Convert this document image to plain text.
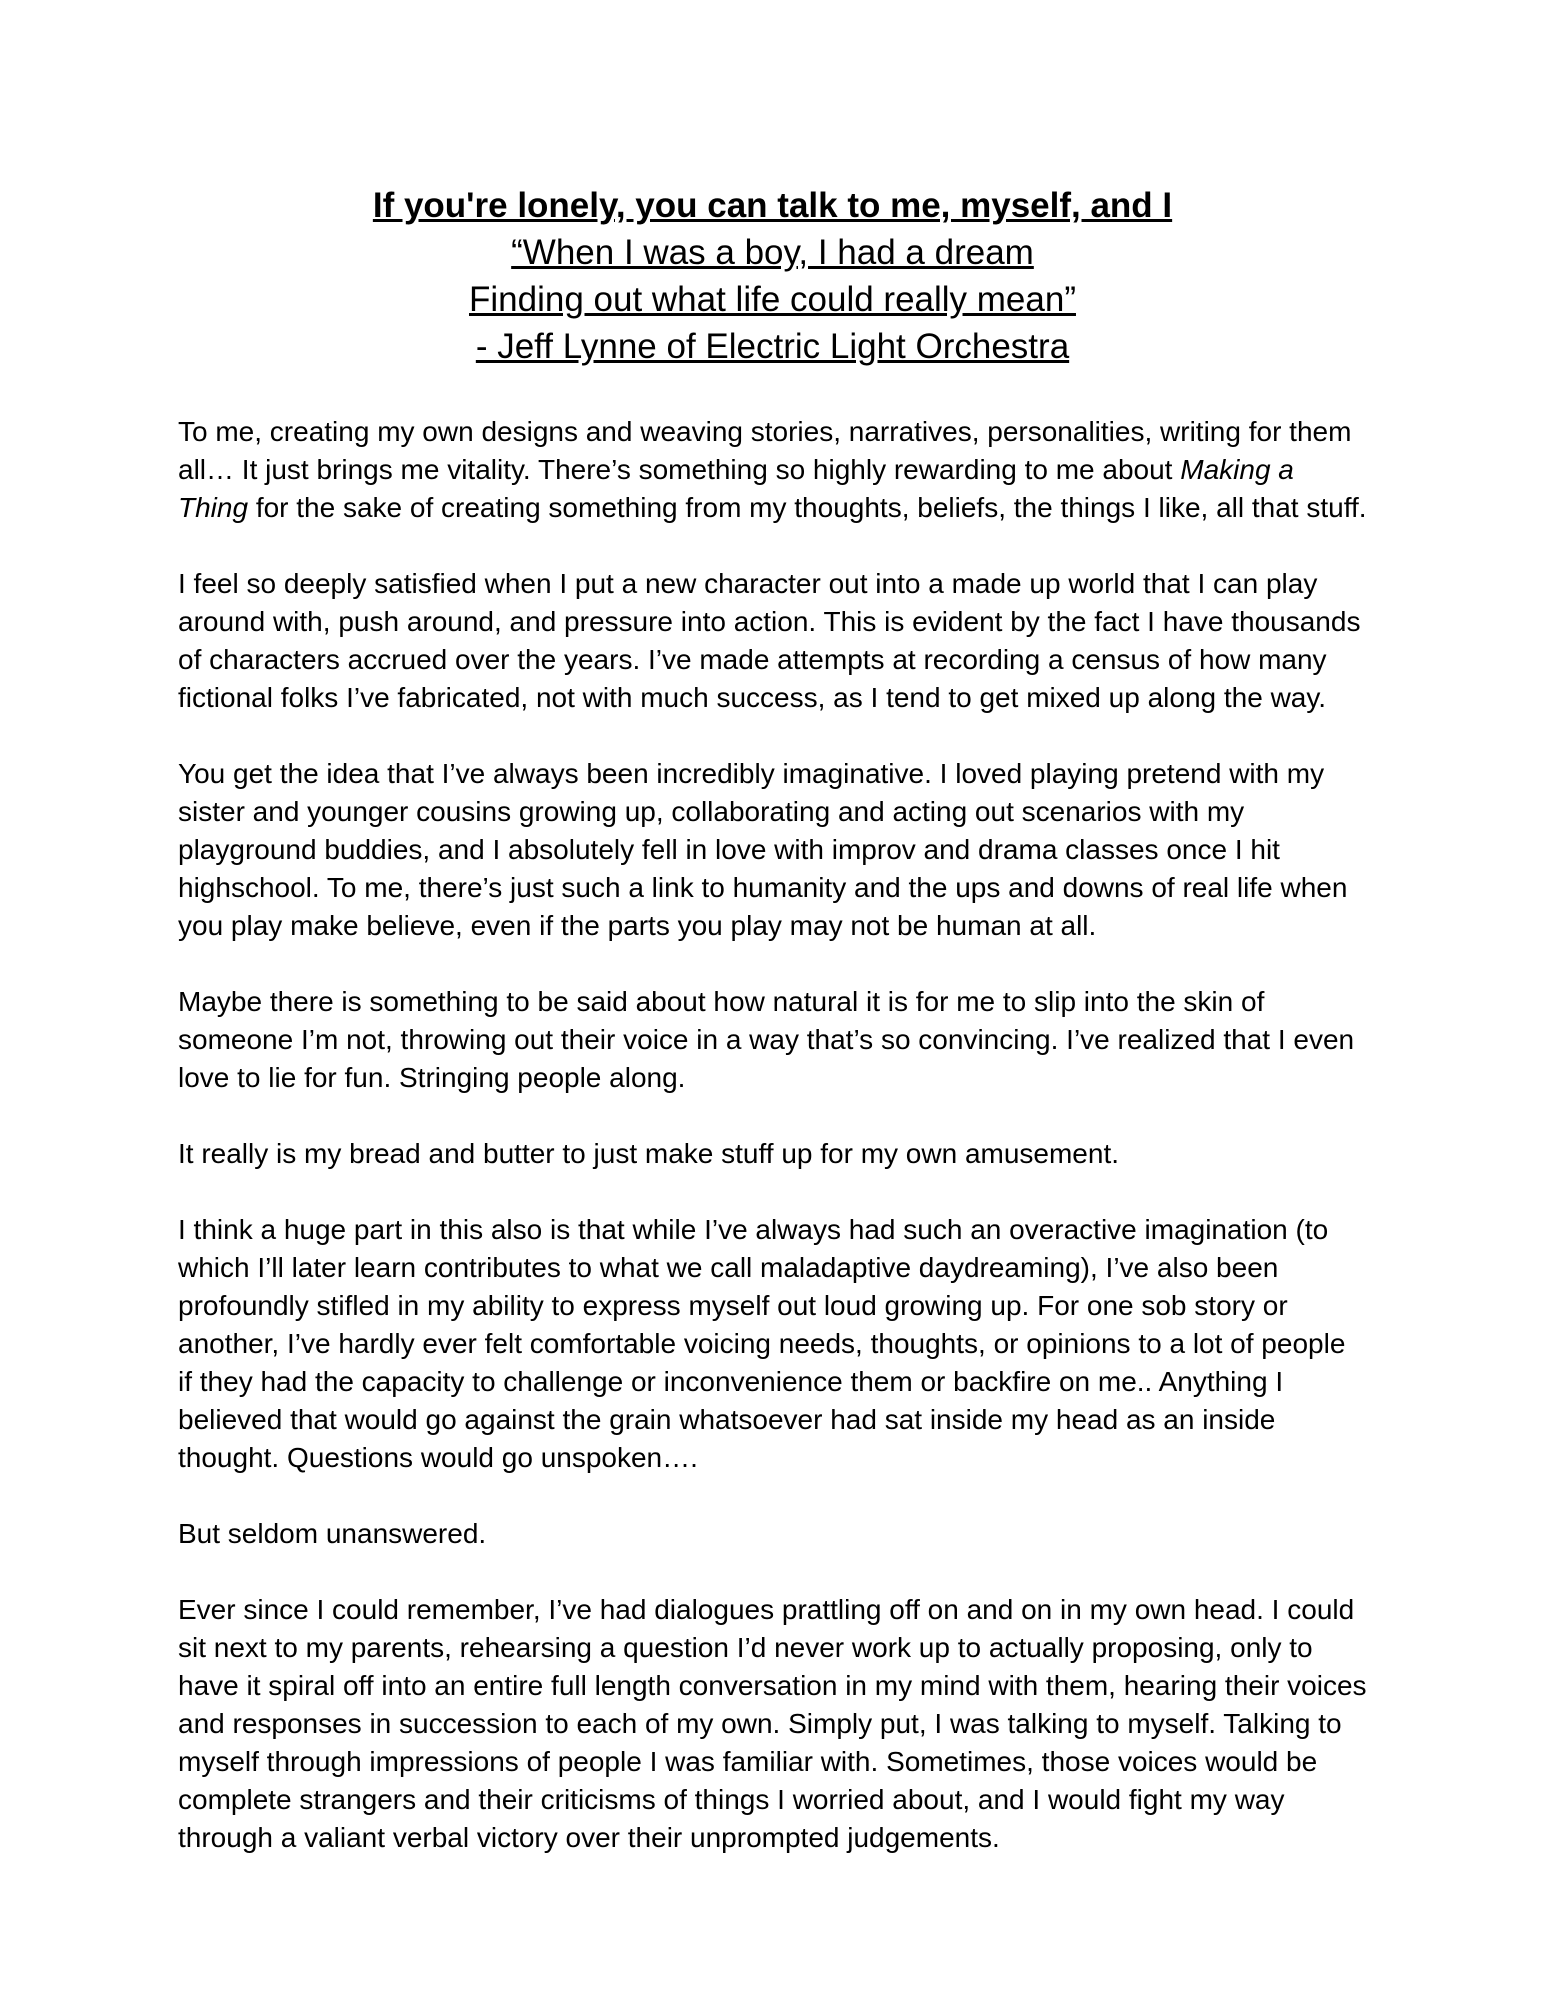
If you're lonely, you can talk to me, myself, and I
“When I was a boy, I had a dream
Finding out what life could really mean”
- Jeff Lynne of Electric Light Orchestra

To me, creating my own designs and weaving stories, narratives, personalities, writing for them all… It just brings me vitality. There’s something so highly rewarding to me about Making a Thing for the sake of creating something from my thoughts, beliefs, the things I like, all that stuff.

I feel so deeply satisfied when I put a new character out into a made up world that I can play around with, push around, and pressure into action. This is evident by the fact I have thousands of characters accrued over the years. I’ve made attempts at recording a census of how many fictional folks I’ve fabricated, not with much success, as I tend to get mixed up along the way.

You get the idea that I’ve always been incredibly imaginative. I loved playing pretend with my sister and younger cousins growing up, collaborating and acting out scenarios with my playground buddies, and I absolutely fell in love with improv and drama classes once I hit highschool. To me, there’s just such a link to humanity and the ups and downs of real life when you play make believe, even if the parts you play may not be human at all.

Maybe there is something to be said about how natural it is for me to slip into the skin of someone I’m not, throwing out their voice in a way that’s so convincing. I’ve realized that I even love to lie for fun. Stringing people along.

It really is my bread and butter to just make stuff up for my own amusement.

I think a huge part in this also is that while I’ve always had such an overactive imagination (to which I’ll later learn contributes to what we call maladaptive daydreaming), I’ve also been profoundly stifled in my ability to express myself out loud growing up. For one sob story or another, I’ve hardly ever felt comfortable voicing needs, thoughts, or opinions to a lot of people if they had the capacity to challenge or inconvenience them or backfire on me.. Anything I believed that would go against the grain whatsoever had sat inside my head as an inside thought. Questions would go unspoken….

But seldom unanswered.

Ever since I could remember, I’ve had dialogues prattling off on and on in my own head. I could sit next to my parents, rehearsing a question I’d never work up to actually proposing, only to have it spiral off into an entire full length conversation in my mind with them, hearing their voices and responses in succession to each of my own. Simply put, I was talking to myself. Talking to myself through impressions of people I was familiar with. Sometimes, those voices would be complete strangers and their criticisms of things I worried about, and I would fight my way through a valiant verbal victory over their unprompted judgements.
